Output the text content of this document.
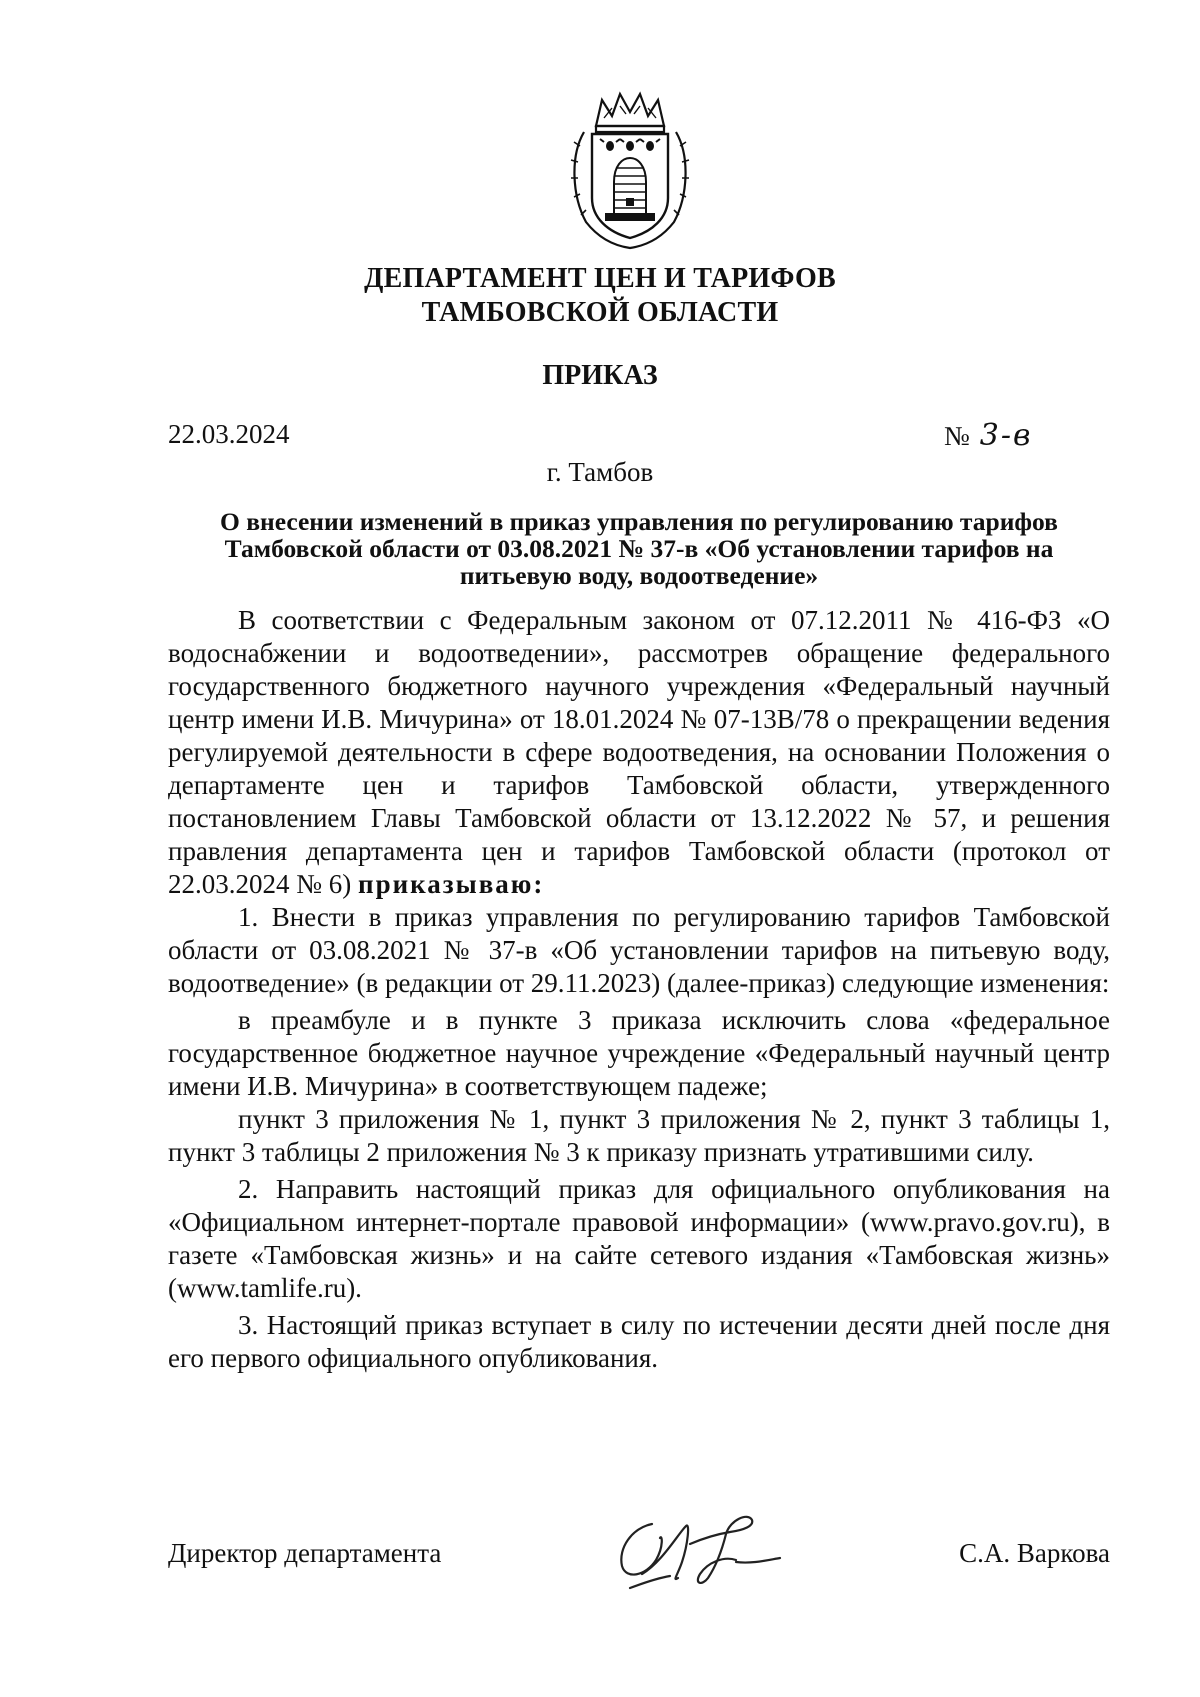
ДЕПАРТАМЕНТ ЦЕН И ТАРИФОВ
ТАМБОВСКОЙ ОБЛАСТИ
ПРИКАЗ
22.03.2024	№ 3-в
г. Тамбов
О внесении изменений в приказ управления по регулированию тарифов Тамбовской области от 03.08.2021 № 37-в «Об установлении тарифов на питьевую воду, водоотведение»

В соответствии с Федеральным законом от 07.12.2011 № 416-ФЗ «О водоснабжении и водоотведении», рассмотрев обращение федерального государственного бюджетного научного учреждения «Федеральный научный центр имени И.В. Мичурина» от 18.01.2024 № 07-13В/78 о прекращении ведения регулируемой деятельности в сфере водоотведения, на основании Положения о департаменте цен и тарифов Тамбовской области, утвержденного постановлением Главы Тамбовской области от 13.12.2022 № 57, и решения правления департамента цен и тарифов Тамбовской области (протокол от 22.03.2024 № 6) приказываю:

1. Внести в приказ управления по регулированию тарифов Тамбовской области от 03.08.2021 № 37-в «Об установлении тарифов на питьевую воду, водоотведение» (в редакции от 29.11.2023) (далее-приказ) следующие изменения:

в преамбуле и в пункте 3 приказа исключить слова «федеральное государственное бюджетное научное учреждение «Федеральный научный центр имени И.В. Мичурина» в соответствующем падеже;

пункт 3 приложения № 1, пункт 3 приложения № 2, пункт 3 таблицы 1, пункт 3 таблицы 2 приложения № 3 к приказу признать утратившими силу.

2. Направить настоящий приказ для официального опубликования на «Официальном интернет-портале правовой информации» (www.pravo.gov.ru), в газете «Тамбовская жизнь» и на сайте сетевого издания «Тамбовская жизнь» (www.tamlife.ru).

3. Настоящий приказ вступает в силу по истечении десяти дней после дня его первого официального опубликования.

Директор департамента	С.А. Варкова
